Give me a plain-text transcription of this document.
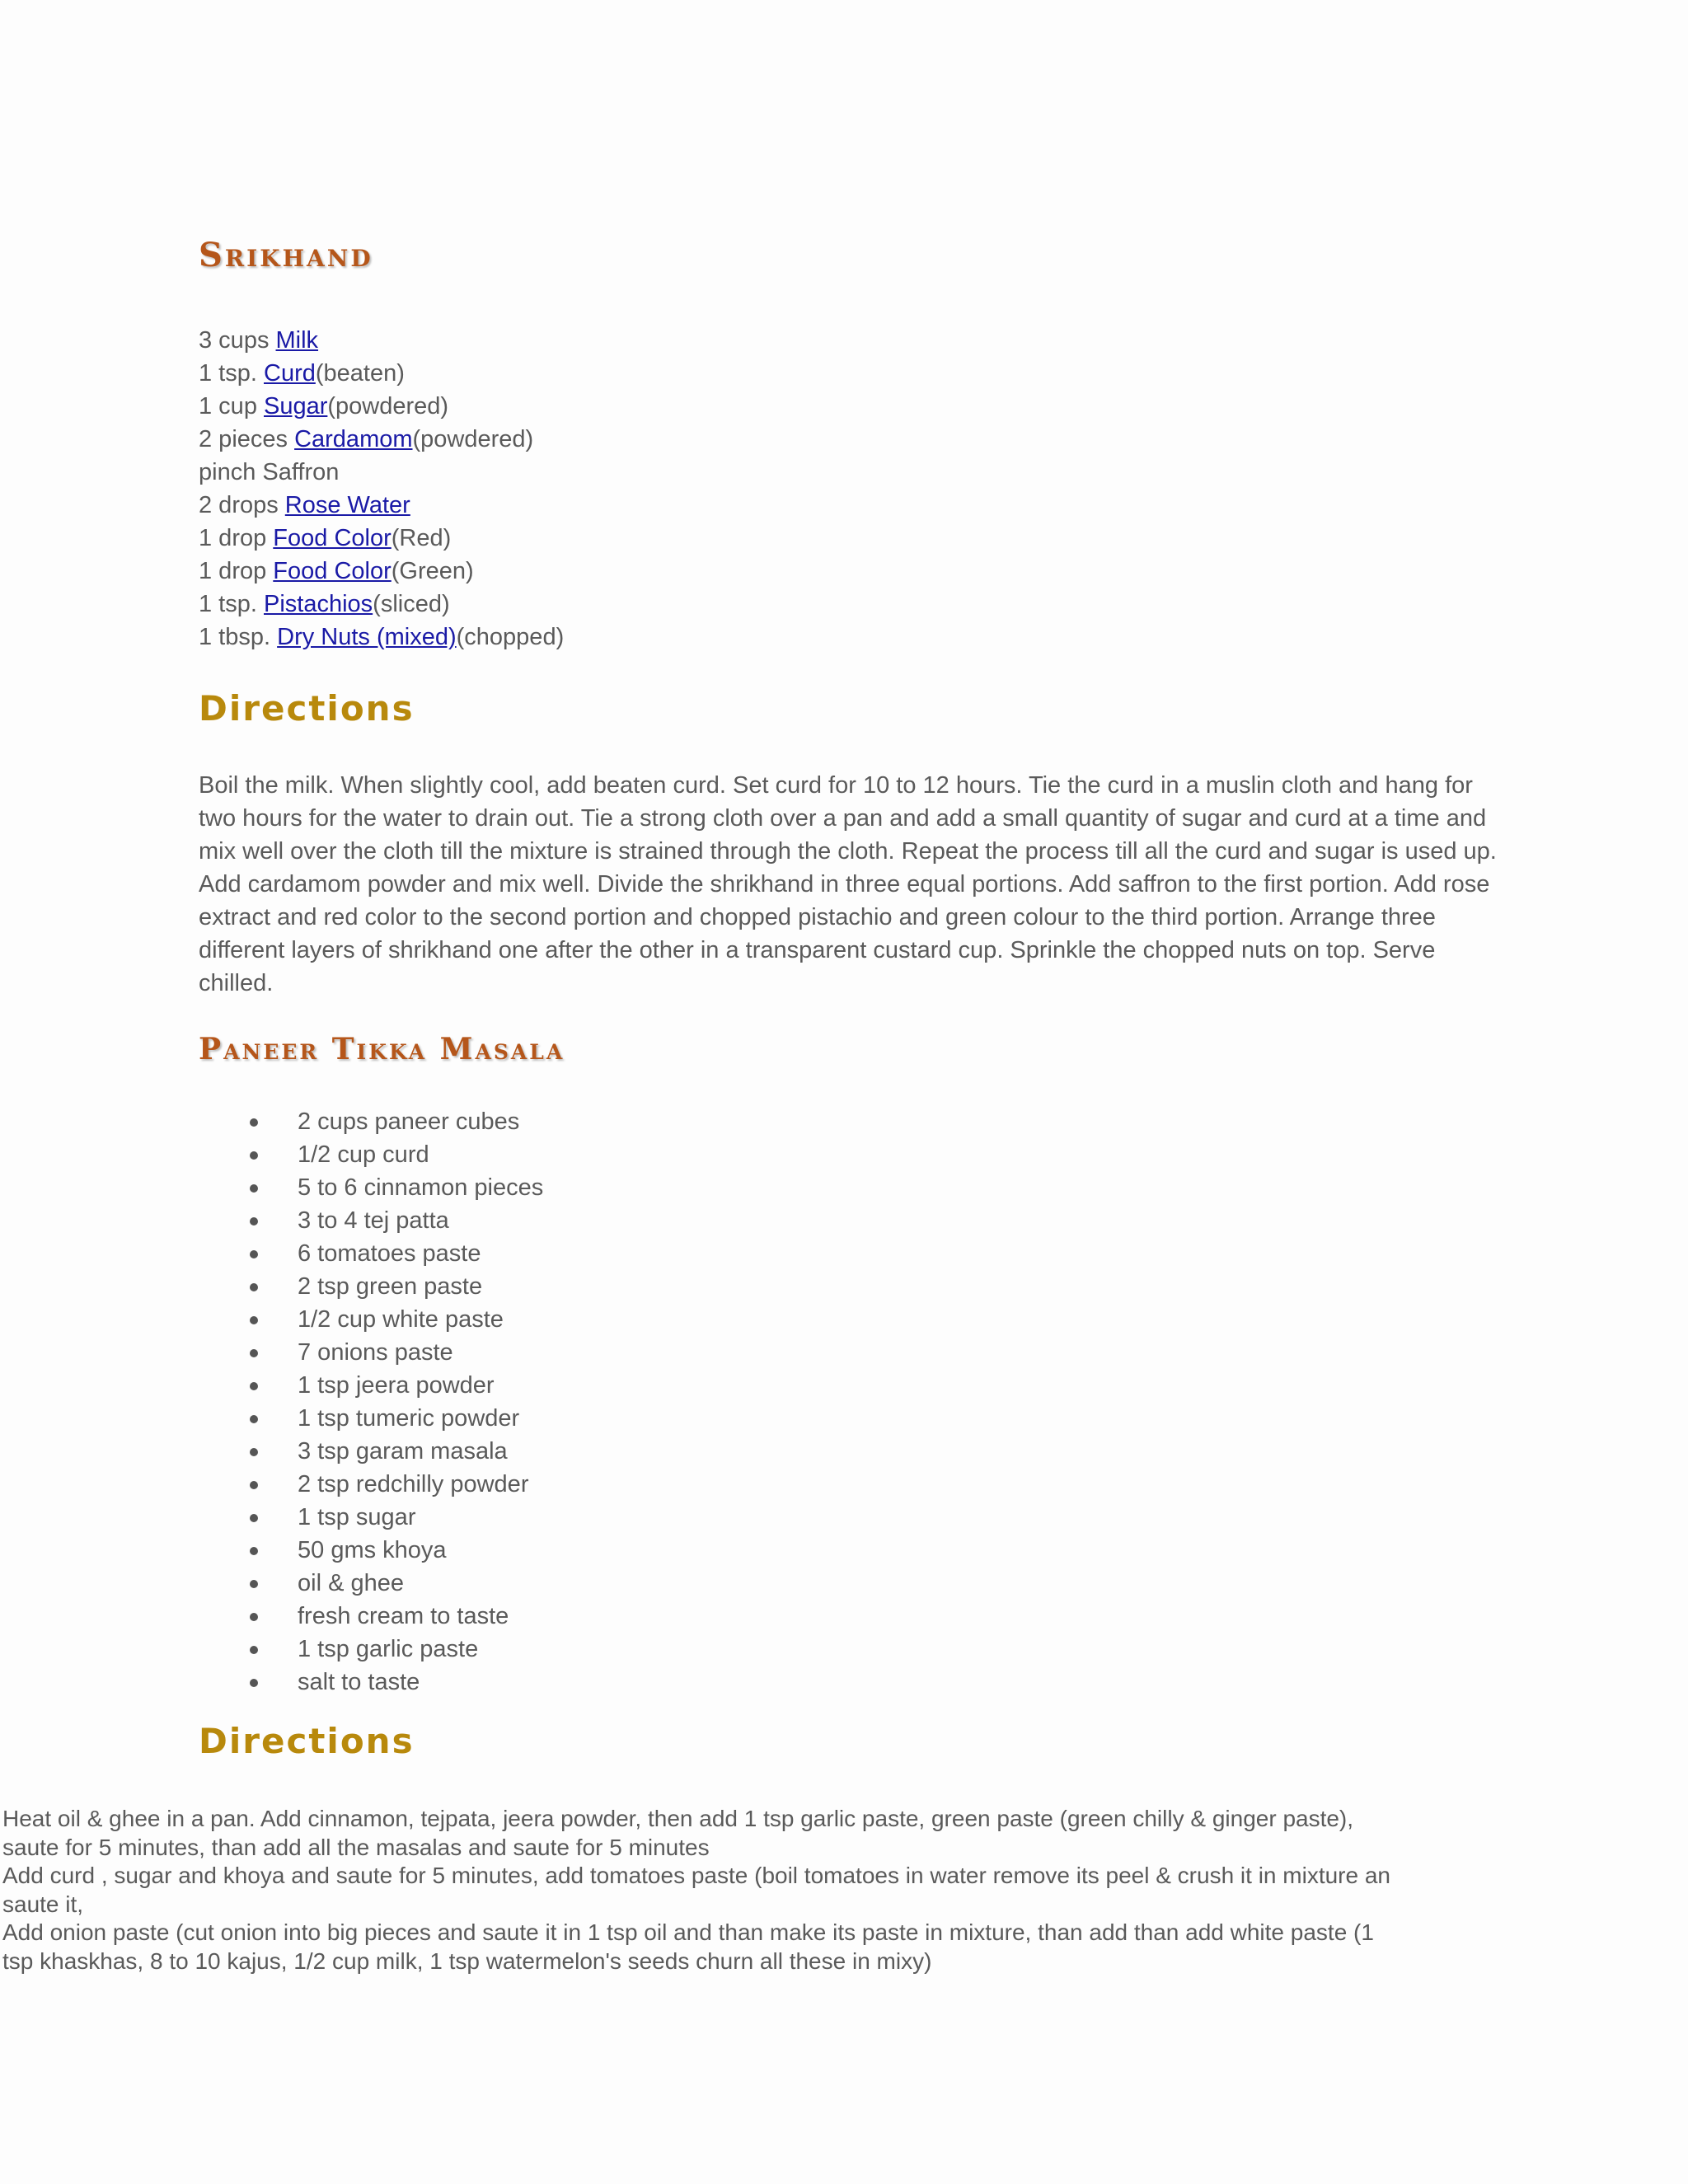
Srikhand
3 cups Milk
1 tsp. Curd(beaten)
1 cup Sugar(powdered)
2 pieces Cardamom(powdered)
pinch Saffron
2 drops Rose Water
1 drop Food Color(Red)
1 drop Food Color(Green)
1 tsp. Pistachios(sliced)
1 tbsp. Dry Nuts (mixed)(chopped)
Directions

Boil the milk. When slightly cool, add beaten curd. Set curd for 10 to 12 hours. Tie the curd in a muslin cloth and hang for two hours for the water to drain out. Tie a strong cloth over a pan and add a small quantity of sugar and curd at a time and mix well over the cloth till the mixture is strained through the cloth. Repeat the process till all the curd and sugar is used up. Add cardamom powder and mix well. Divide the shrikhand in three equal portions. Add saffron to the first portion. Add rose extract and red color to the second portion and chopped pistachio and green colour to the third portion. Arrange three different layers of shrikhand one after the other in a transparent custard cup. Sprinkle the chopped nuts on top. Serve chilled.

Paneer Tikka Masala
2 cups paneer cubes
1/2 cup curd
5 to 6 cinnamon pieces
3 to 4 tej patta
6 tomatoes paste
2 tsp green paste
1/2 cup white paste
7 onions paste
1 tsp jeera powder
1 tsp tumeric powder
3 tsp garam masala
2 tsp redchilly powder
1 tsp sugar
50 gms khoya
oil & ghee
fresh cream to taste
1 tsp garlic paste
salt to taste
Directions
Heat oil & ghee in a pan. Add cinnamon, tejpata, jeera powder, then add 1 tsp garlic paste, green paste (green chilly & ginger paste), saute for 5 minutes, than add all the masalas and saute for 5 minutes
Add curd , sugar and khoya and saute for 5 minutes, add tomatoes paste (boil tomatoes in water remove its peel & crush it in mixture an saute it,
Add onion paste (cut onion into big pieces and saute it in 1 tsp oil and than make its paste in mixture, than add than add white paste (1 tsp khaskhas, 8 to 10 kajus, 1/2 cup milk, 1 tsp watermelon's seeds churn all these in mixy)
